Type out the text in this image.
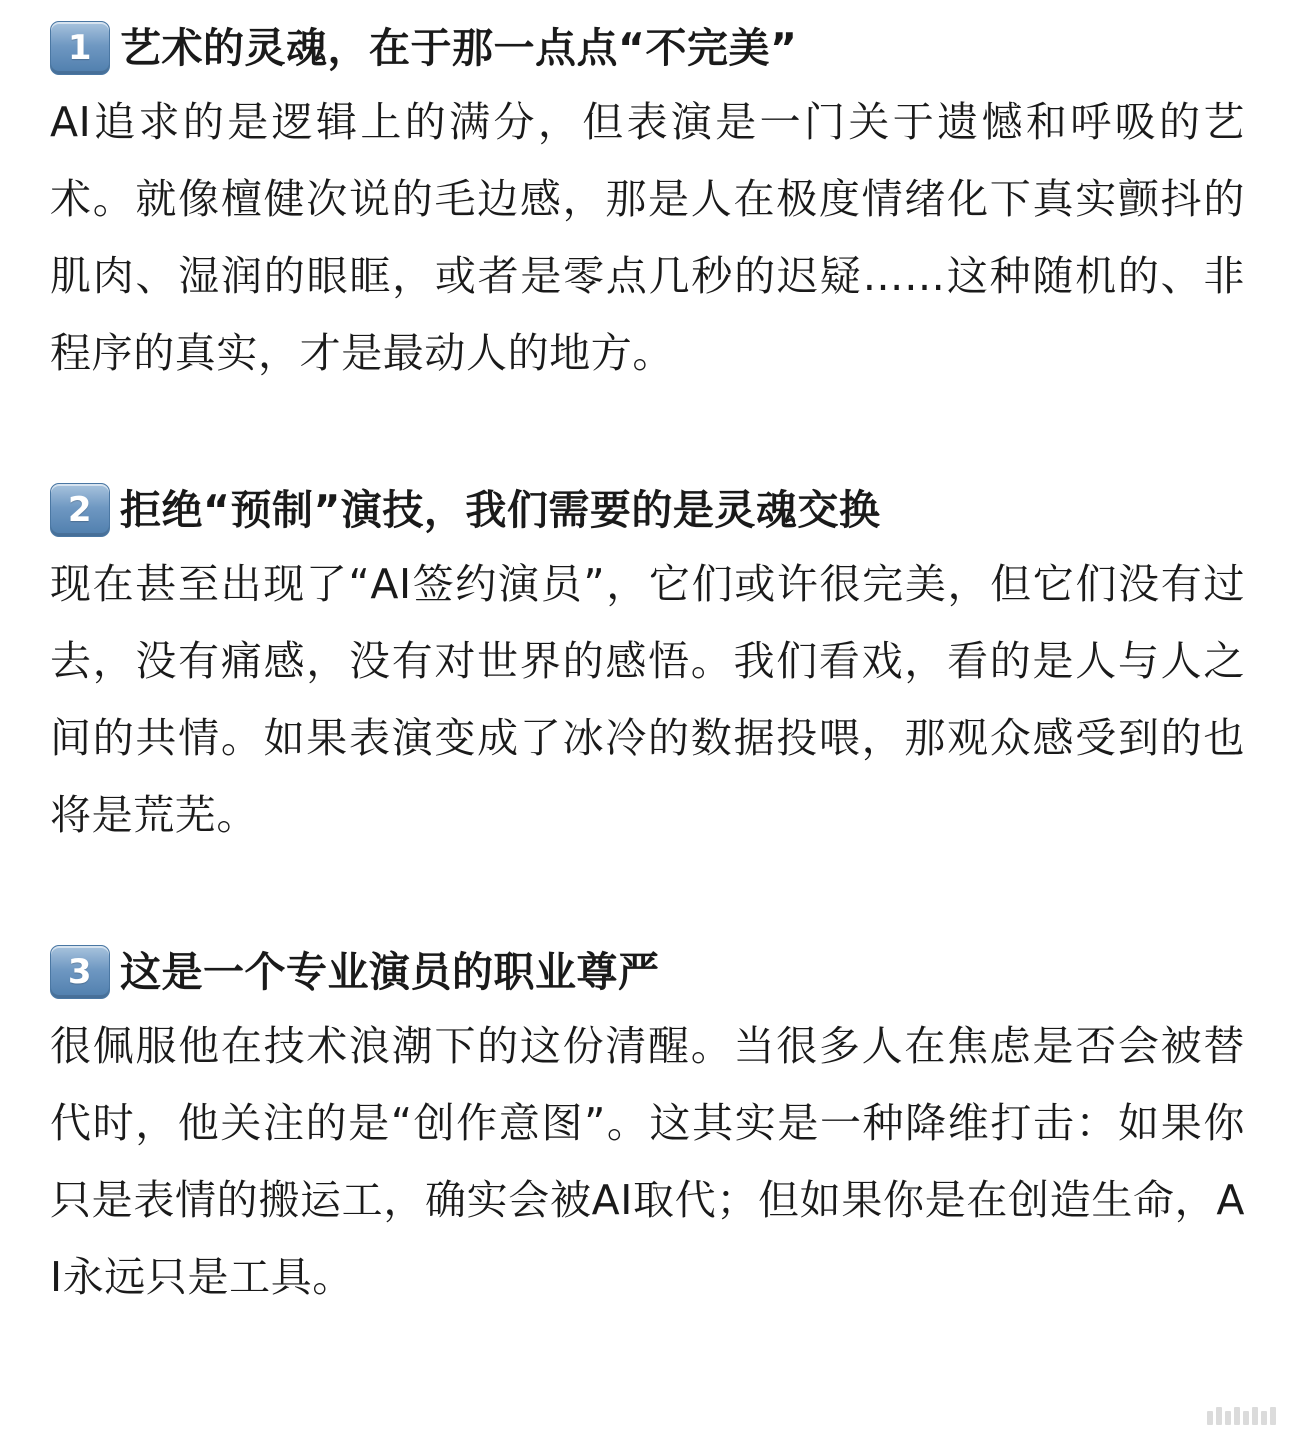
1 艺术的灵魂，在于那一点点“不完美”

AI追求的是逻辑上的满分，但表演是一门关于遗憾和呼吸的艺术。就像檀健次说的毛边感，那是人在极度情绪化下真实颤抖的肌肉、湿润的眼眶，或者是零点几秒的迟疑……这种随机的、非程序的真实，才是最动人的地方。

2 拒绝“预制”演技，我们需要的是灵魂交换

现在甚至出现了“AI签约演员”，它们或许很完美，但它们没有过去，没有痛感，没有对世界的感悟。我们看戏，看的是人与人之间的共情。如果表演变成了冰冷的数据投喂，那观众感受到的也将是荒芜。

3 这是一个专业演员的职业尊严

很佩服他在技术浪潮下的这份清醒。当很多人在焦虑是否会被替代时，他关注的是“创作意图”。这其实是一种降维打击：如果你只是表情的搬运工，确实会被AI取代；但如果你是在创造生命，AI永远只是工具。
